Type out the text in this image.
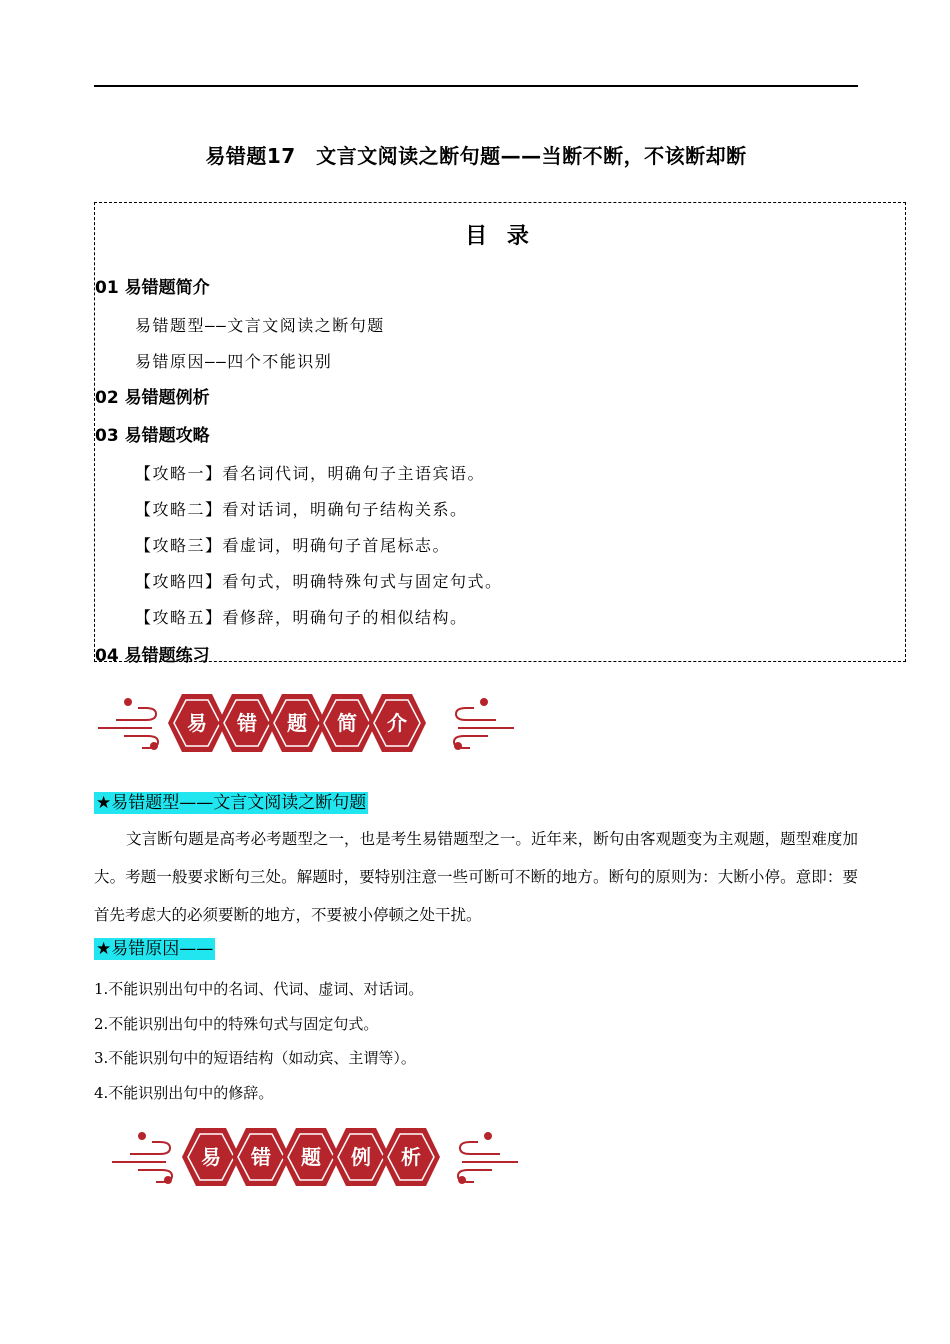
易错题17　文言文阅读之断句题——当断不断，不该断却断
目 录
01 易错题简介
易错题型——文言文阅读之断句题
易错原因——四个不能识别
02 易错题例析
03 易错题攻略
【攻略一】看名词代词，明确句子主语宾语。
【攻略二】看对话词，明确句子结构关系。
【攻略三】看虚词，明确句子首尾标志。
【攻略四】看句式，明确特殊句式与固定句式。
【攻略五】看修辞，明确句子的相似结构。
04 易错题练习
易 错 题 简 介
★易错题型——文言文阅读之断句题
文言断句题是高考必考题型之一，也是考生易错题型之一。近年来，断句由客观题变为主观题，题型难度加大。考题一般要求断句三处。解题时，要特别注意一些可断可不断的地方。断句的原则为：大断小停。意即：要首先考虑大的必须要断的地方，不要被小停顿之处干扰。
★易错原因——
1.不能识别出句中的名词、代词、虚词、对话词。
2.不能识别出句中的特殊句式与固定句式。
3.不能识别句中的短语结构（如动宾、主谓等）。
4.不能识别出句中的修辞。
易 错 题 例 析
